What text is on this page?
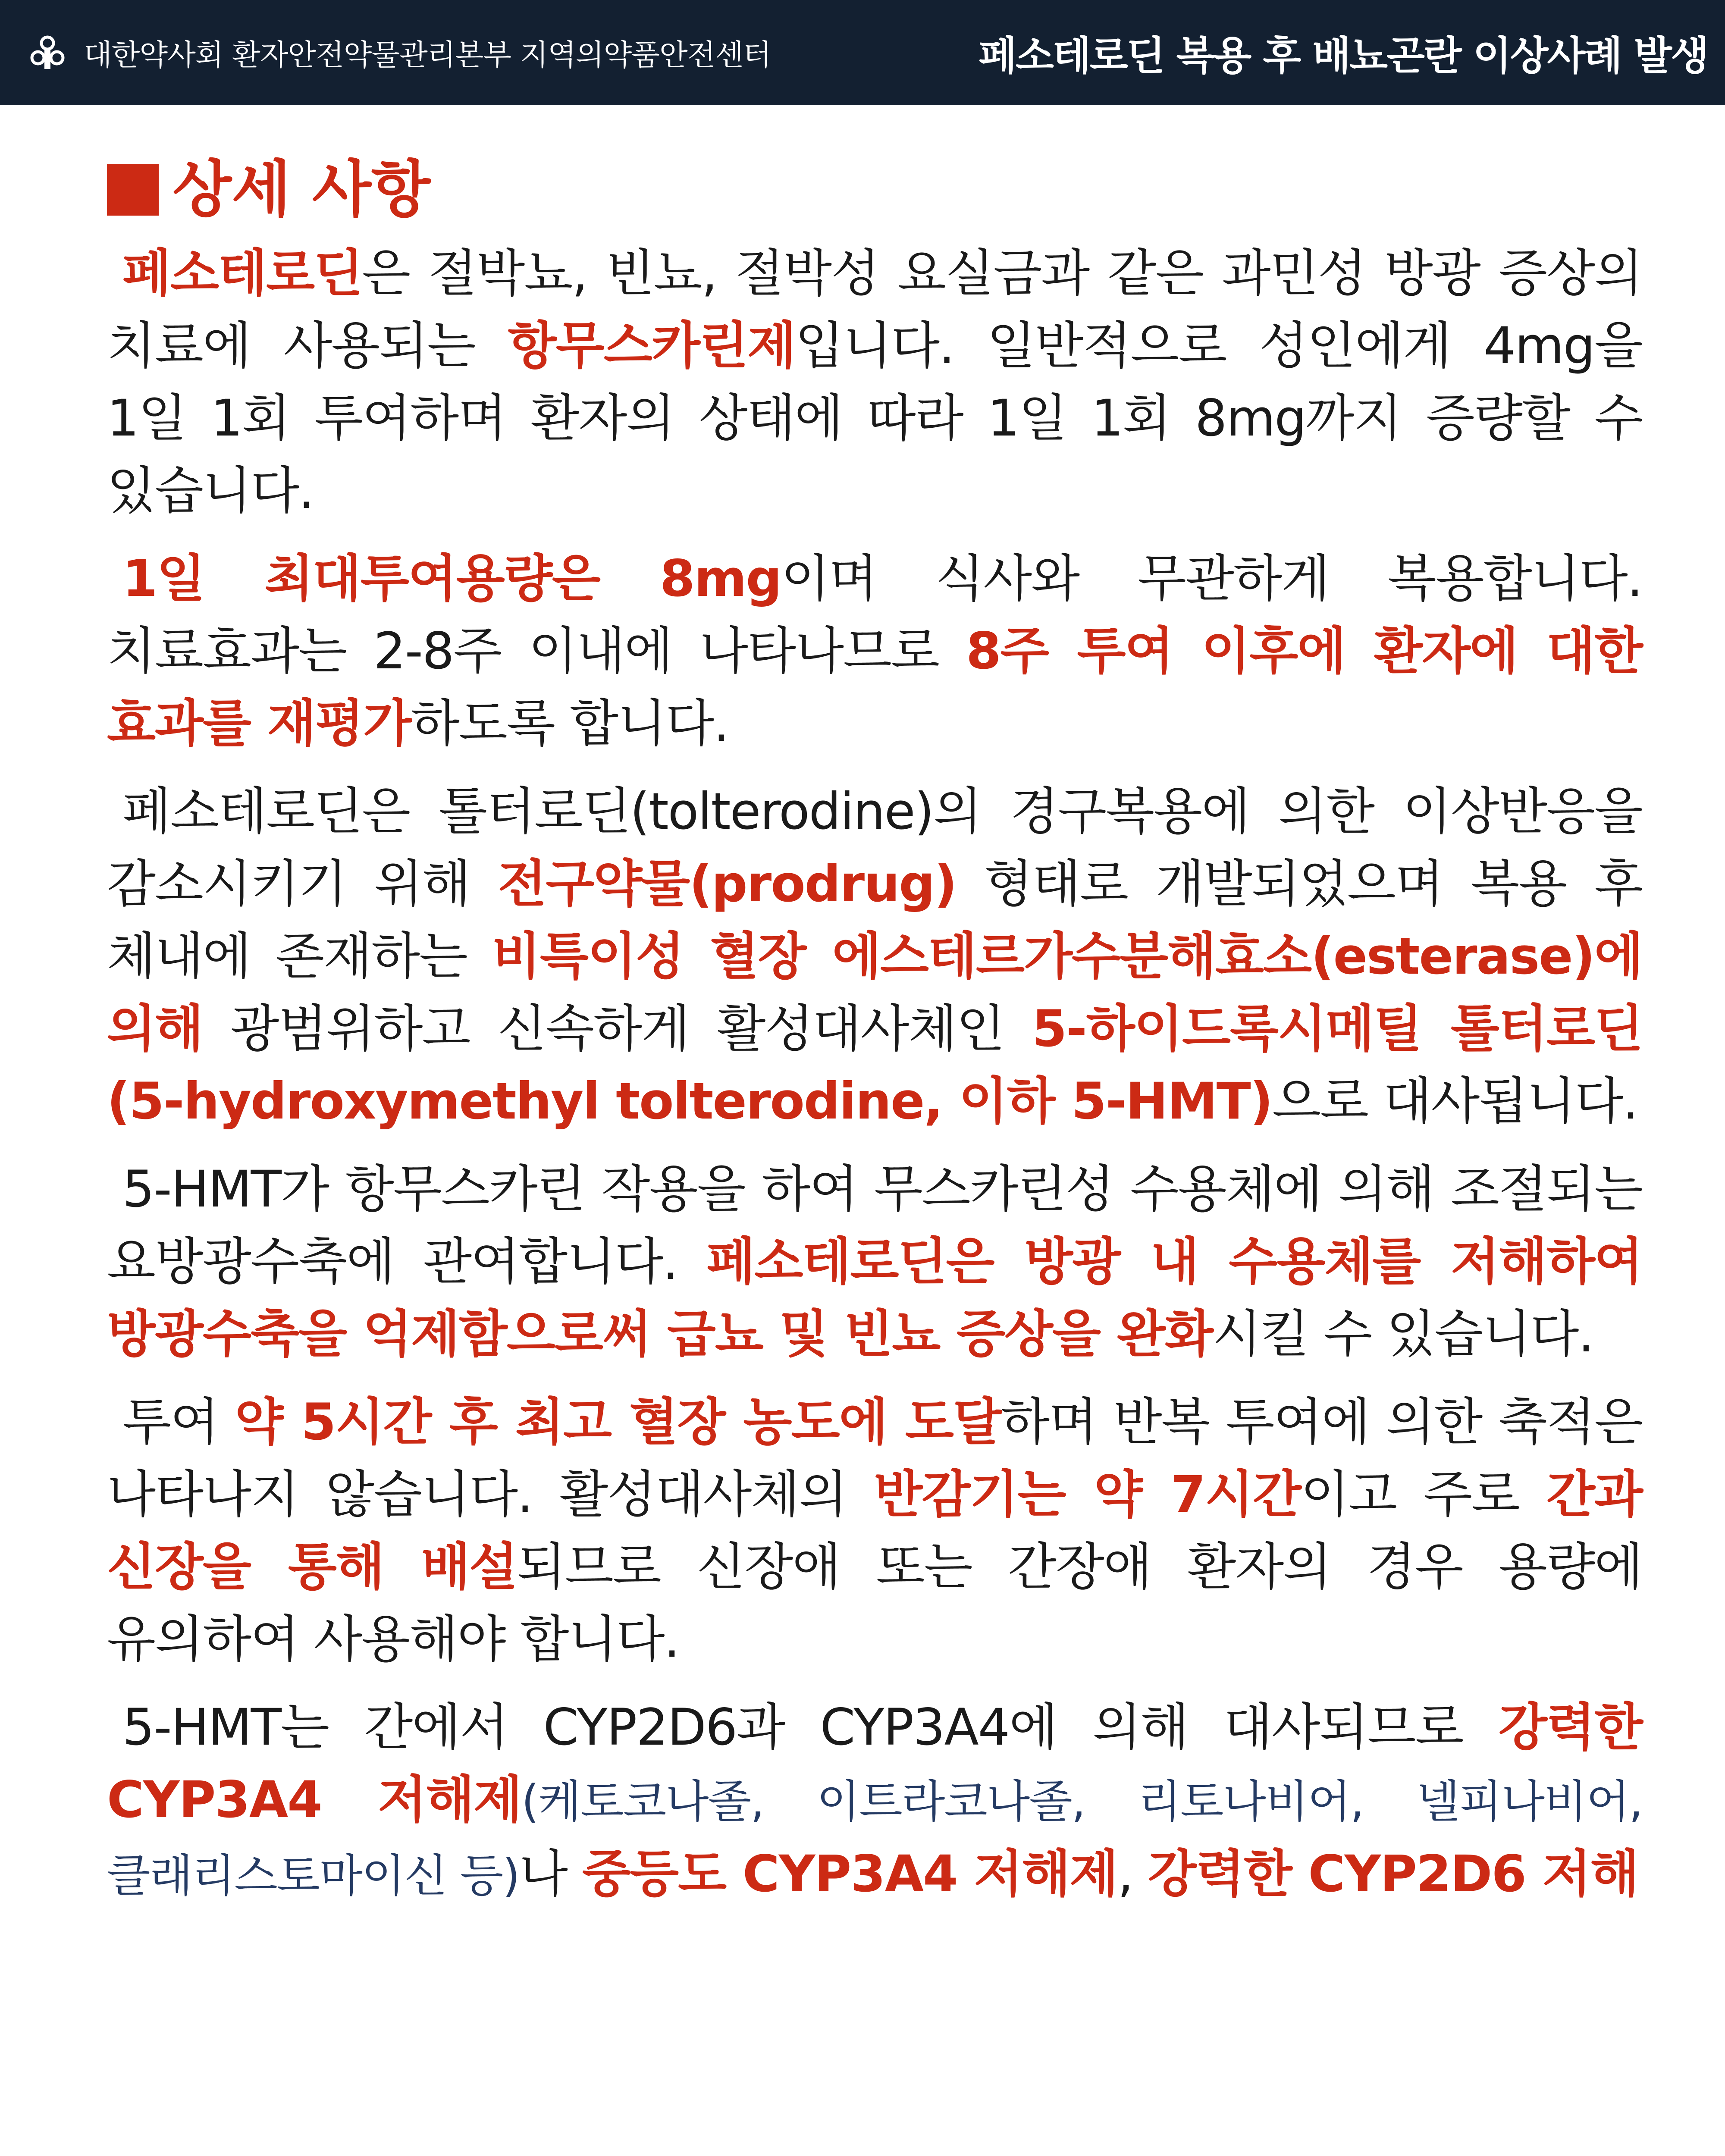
대한약사회 환자안전약물관리본부 지역의약품안전센터	페소테로딘 복용 후 배뇨곤란 이상사례 발생
상세 사항

페소테로딘은 절박뇨, 빈뇨, 절박성 요실금과 같은 과민성 방광 증상의 치료에 사용되는 항무스카린제입니다. 일반적으로 성인에게 4mg을 1일 1회 투여하며 환자의 상태에 따라 1일 1회 8mg까지 증량할 수 있습니다.

1일 최대투여용량은 8mg이며 식사와 무관하게 복용합니다. 치료효과는 2-8주 이내에 나타나므로 8주 투여 이후에 환자에 대한 효과를 재평가하도록 합니다.

페소테로딘은 톨터로딘(tolterodine)의 경구복용에 의한 이상반응을 감소시키기 위해 전구약물(prodrug) 형태로 개발되었으며 복용 후 체내에 존재하는 비특이성 혈장 에스테르가수분해효소(esterase)에 의해 광범위하고 신속하게 활성대사체인 5-하이드록시메틸 톨터로딘(5-hydroxymethyl tolterodine, 이하 5-HMT)으로 대사됩니다.

5-HMT가 항무스카린 작용을 하여 무스카린성 수용체에 의해 조절되는 요방광수축에 관여합니다. 페소테로딘은 방광 내 수용체를 저해하여 방광수축을 억제함으로써 급뇨 및 빈뇨 증상을 완화시킬 수 있습니다.

투여 약 5시간 후 최고 혈장 농도에 도달하며 반복 투여에 의한 축적은 나타나지 않습니다. 활성대사체의 반감기는 약 7시간이고 주로 간과 신장을 통해 배설되므로 신장애 또는 간장애 환자의 경우 용량에 유의하여 사용해야 합니다.

5-HMT는 간에서 CYP2D6과 CYP3A4에 의해 대사되므로 강력한 CYP3A4 저해제(케토코나졸, 이트라코나졸, 리토나비어, 넬피나비어, 클래리스토마이신 등)나 중등도 CYP3A4 저해제, 강력한 CYP2D6 저해
